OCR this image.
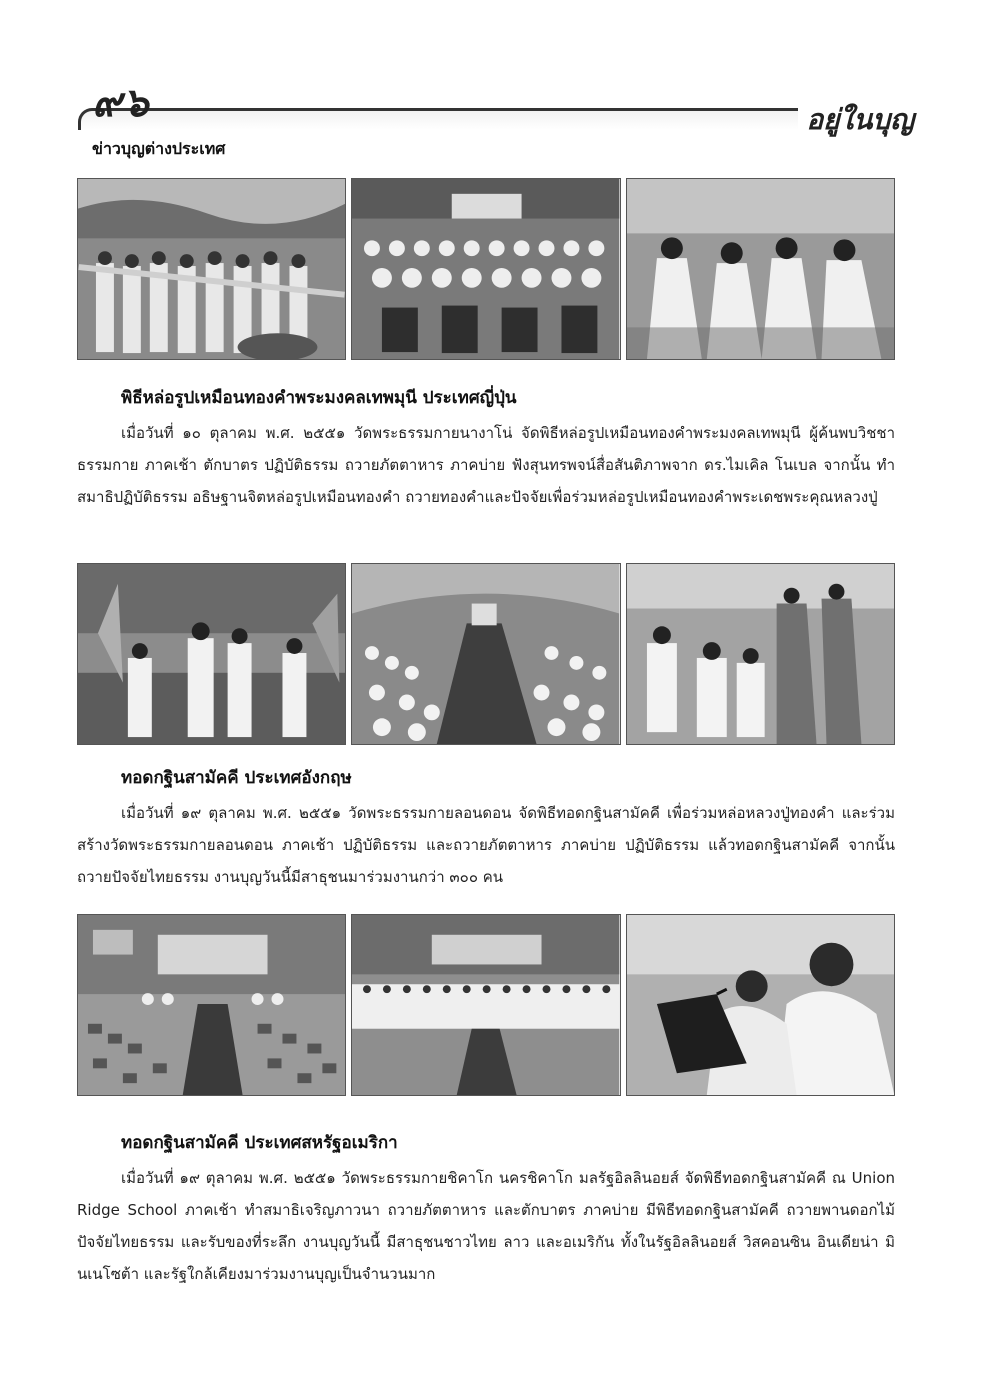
๙๖	อยู่ในบุญ
ข่าวบุญต่างประเทศ
พิธีหล่อรูปเหมือนทองคำพระมงคลเทพมุนี ประเทศญี่ปุ่น

เมื่อวันที่ ๑๐ ตุลาคม พ.ศ. ๒๕๕๑ วัดพระธรรมกายนางาโน่ จัดพิธีหล่อรูปเหมือนทองคำพระมงคลเทพมุนี ผู้ค้นพบวิชชาธรรมกาย ภาคเช้า ตักบาตร ปฏิบัติธรรม ถวายภัตตาหาร ภาคบ่าย ฟังสุนทรพจน์สื่อสันติภาพจาก ดร.ไมเคิล โนเบล จากนั้น ทำสมาธิปฏิบัติธรรม อธิษฐานจิตหล่อรูปเหมือนทองคำ ถวายทองคำและปัจจัยเพื่อร่วมหล่อรูปเหมือนทองคำพระเดชพระคุณหลวงปู่

ทอดกฐินสามัคคี ประเทศอังกฤษ

เมื่อวันที่ ๑๙ ตุลาคม พ.ศ. ๒๕๕๑ วัดพระธรรมกายลอนดอน จัดพิธีทอดกฐินสามัคคี เพื่อร่วมหล่อหลวงปู่ทองคำ และร่วมสร้างวัดพระธรรมกายลอนดอน ภาคเช้า ปฏิบัติธรรม และถวายภัตตาหาร ภาคบ่าย ปฏิบัติธรรม แล้วทอดกฐินสามัคคี จากนั้น ถวายปัจจัยไทยธรรม งานบุญวันนี้มีสาธุชนมาร่วมงานกว่า ๓๐๐ คน

ทอดกฐินสามัคคี ประเทศสหรัฐอเมริกา

เมื่อวันที่ ๑๙ ตุลาคม พ.ศ. ๒๕๕๑ วัดพระธรรมกายชิคาโก นครชิคาโก มลรัฐอิลลินอยส์ จัดพิธีทอดกฐินสามัคคี ณ Union Ridge School ภาคเช้า ทำสมาธิเจริญภาวนา ถวายภัตตาหาร และตักบาตร ภาคบ่าย มีพิธีทอดกฐินสามัคคี ถวายพานดอกไม้ ปัจจัยไทยธรรม และรับของที่ระลึก งานบุญวันนี้ มีสาธุชนชาวไทย ลาว และอเมริกัน ทั้งในรัฐอิลลินอยส์ วิสคอนซิน อินเดียน่า มินเนโซต้า และรัฐใกล้เคียงมาร่วมงานบุญเป็นจำนวนมาก
